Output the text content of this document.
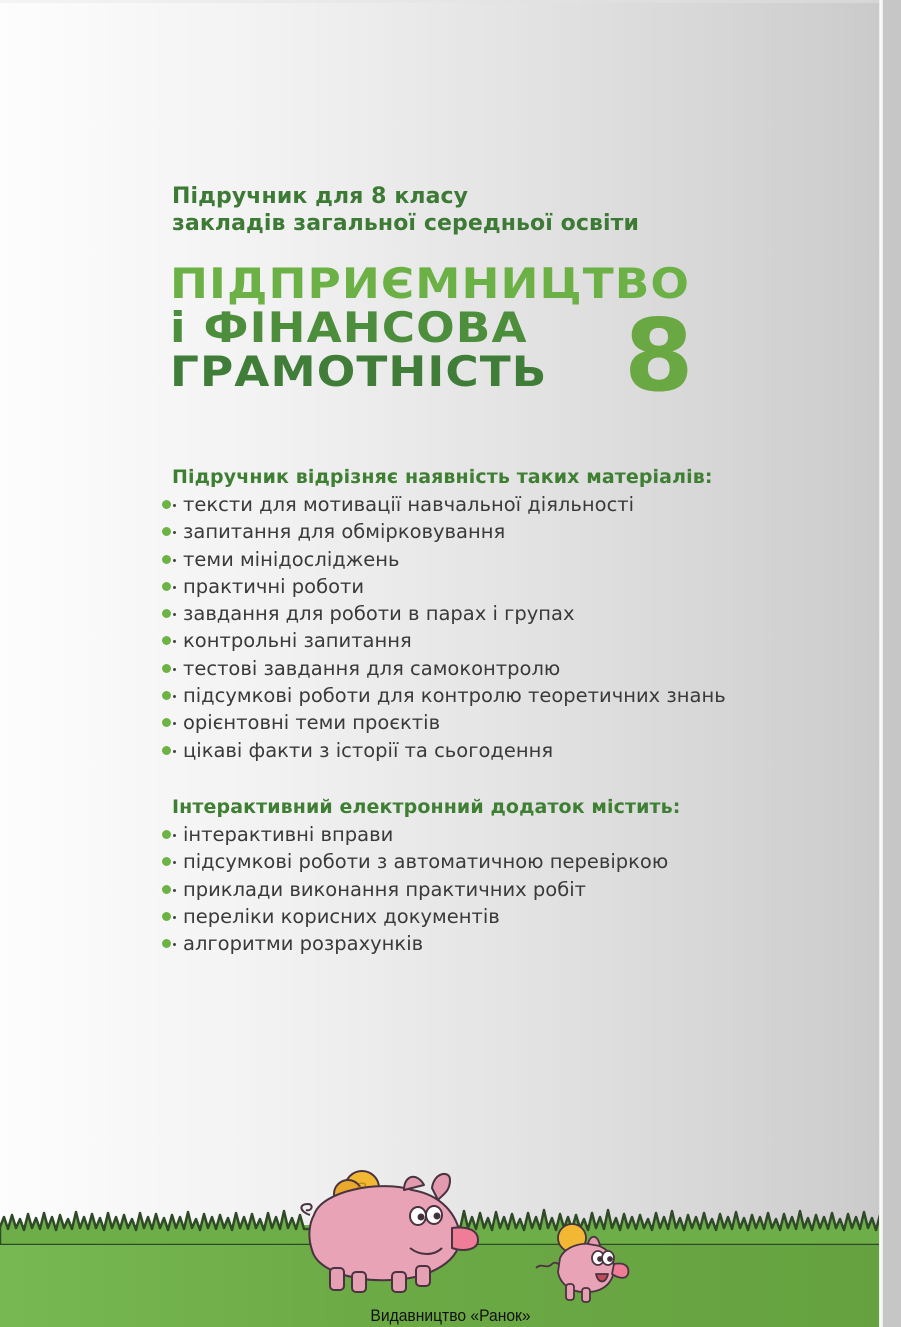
Підручник для 8 класу
закладів загальної середньої освіти
ПІДПРИЄМНИЦТВО
і ФІНАНСОВА
ГРАМОТНІСТЬ 8
Підручник відрізняє наявність таких матеріалів:
тексти для мотивації навчальної діяльності
запитання для обмірковування
теми мінідосліджень
практичні роботи
завдання для роботи в парах і групах
контрольні запитання
тестові завдання для самоконтролю
підсумкові роботи для контролю теоретичних знань
орієнтовні теми проєктів
цікаві факти з історії та сьогодення
Інтерактивний електронний додаток містить:
інтерактивні вправи
підсумкові роботи з автоматичною перевіркою
приклади виконання практичних робіт
переліки корисних документів
алгоритми розрахунків
Видавництво «Ранок»
